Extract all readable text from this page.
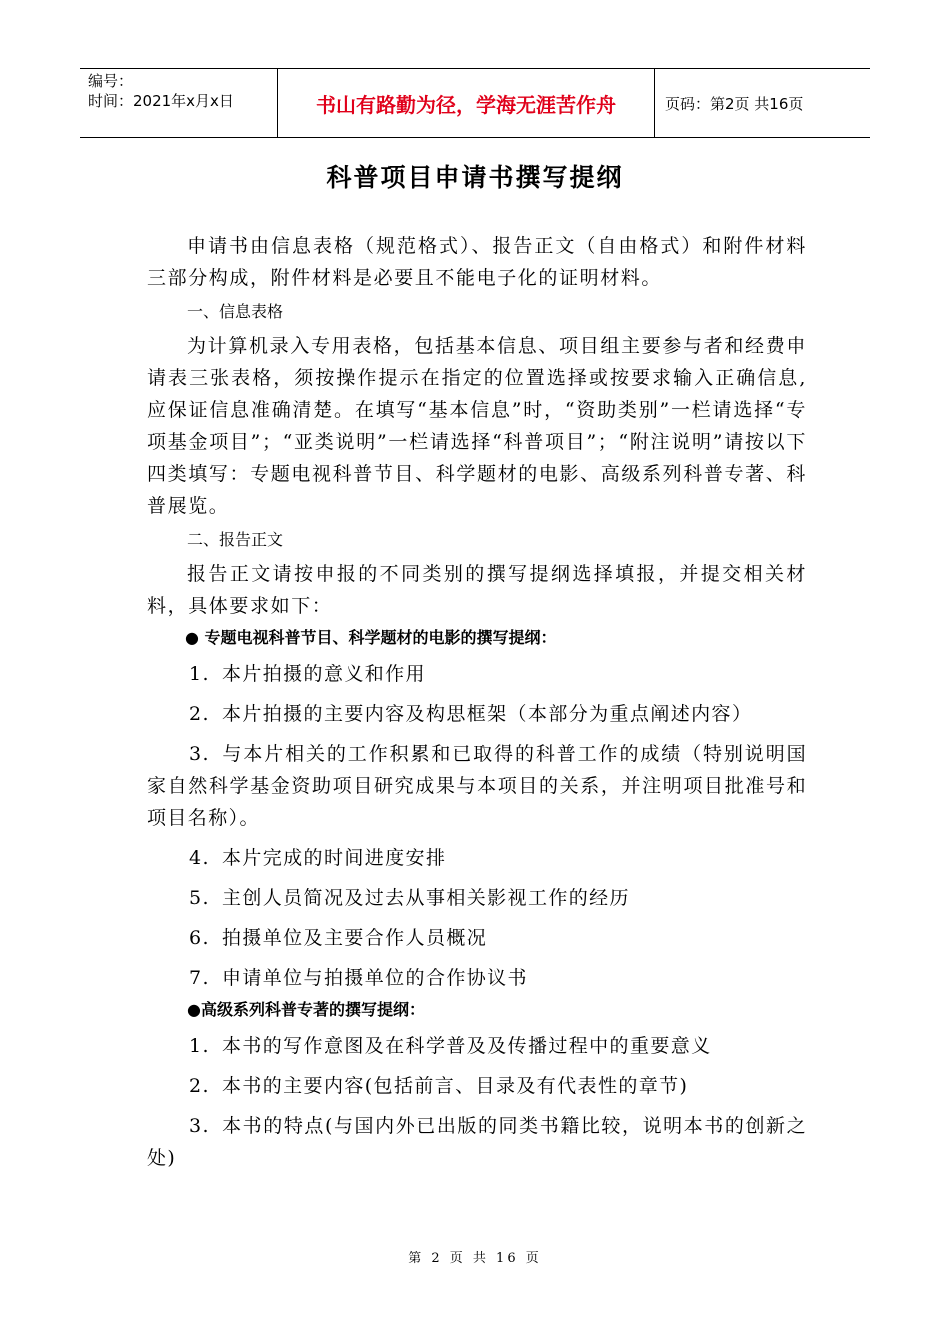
编号：
时间：2021年x月x日	书山有路勤为径，学海无涯苦作舟	页码：第2页 共16页
科普项目申请书撰写提纲

申请书由信息表格（规范格式）、报告正文（自由格式）和附件材料三部分构成，附件材料是必要且不能电子化的证明材料。

一、信息表格

为计算机录入专用表格，包括基本信息、项目组主要参与者和经费申请表三张表格，须按操作提示在指定的位置选择或按要求输入正确信息,应保证信息准确清楚。在填写“基本信息”时，“资助类别”一栏请选择“专项基金项目”；“亚类说明”一栏请选择“科普项目”；“附注说明”请按以下四类填写：专题电视科普节目、科学题材的电影、高级系列科普专著、科普展览。

二、报告正文

报告正文请按申报的不同类别的撰写提纲选择填报，并提交相关材料，具体要求如下：

● 专题电视科普节目、科学题材的电影的撰写提纲：

1. 本片拍摄的意义和作用

2. 本片拍摄的主要内容及构思框架（本部分为重点阐述内容）

3. 与本片相关的工作积累和已取得的科普工作的成绩（特别说明国家自然科学基金资助项目研究成果与本项目的关系，并注明项目批准号和项目名称）。

4. 本片完成的时间进度安排

5. 主创人员简况及过去从事相关影视工作的经历

6. 拍摄单位及主要合作人员概况

7. 申请单位与拍摄单位的合作协议书

●高级系列科普专著的撰写提纲：

1. 本书的写作意图及在科学普及及传播过程中的重要意义

2. 本书的主要内容(包括前言、目录及有代表性的章节)

3. 本书的特点(与国内外已出版的同类书籍比较，说明本书的创新之处)

第 2 页 共 16 页
